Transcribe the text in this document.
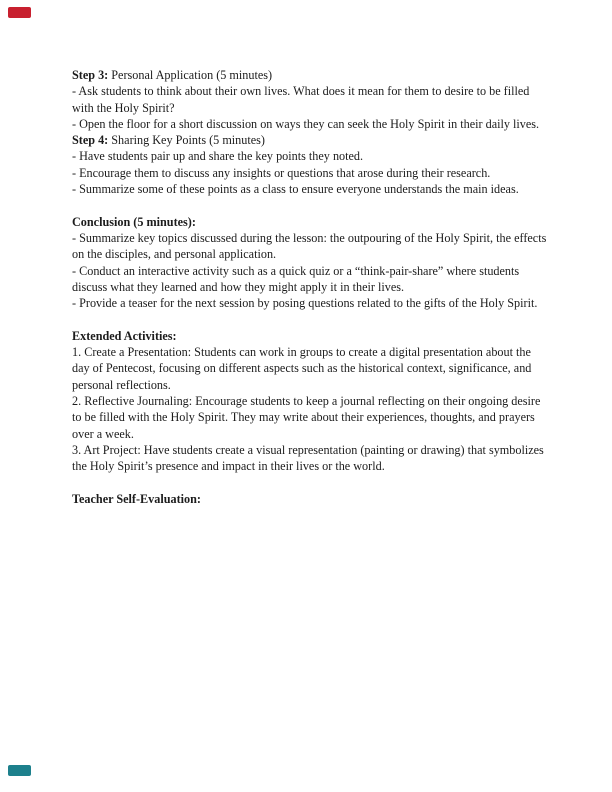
Step 3: Personal Application (5 minutes)
- Ask students to think about their own lives. What does it mean for them to desire to be filled
with the Holy Spirit?
- Open the floor for a short discussion on ways they can seek the Holy Spirit in their daily lives.
Step 4: Sharing Key Points (5 minutes)
- Have students pair up and share the key points they noted.
- Encourage them to discuss any insights or questions that arose during their research.
- Summarize some of these points as a class to ensure everyone understands the main ideas.
Conclusion (5 minutes):
- Summarize key topics discussed during the lesson: the outpouring of the Holy Spirit, the effects
on the disciples, and personal application.
- Conduct an interactive activity such as a quick quiz or a “think-pair-share” where students
discuss what they learned and how they might apply it in their lives.
- Provide a teaser for the next session by posing questions related to the gifts of the Holy Spirit.
Extended Activities:
1. Create a Presentation: Students can work in groups to create a digital presentation about the
day of Pentecost, focusing on different aspects such as the historical context, significance, and
personal reflections.
2. Reflective Journaling: Encourage students to keep a journal reflecting on their ongoing desire
to be filled with the Holy Spirit. They may write about their experiences, thoughts, and prayers
over a week.
3. Art Project: Have students create a visual representation (painting or drawing) that symbolizes
the Holy Spirit’s presence and impact in their lives or the world.
Teacher Self-Evaluation:
